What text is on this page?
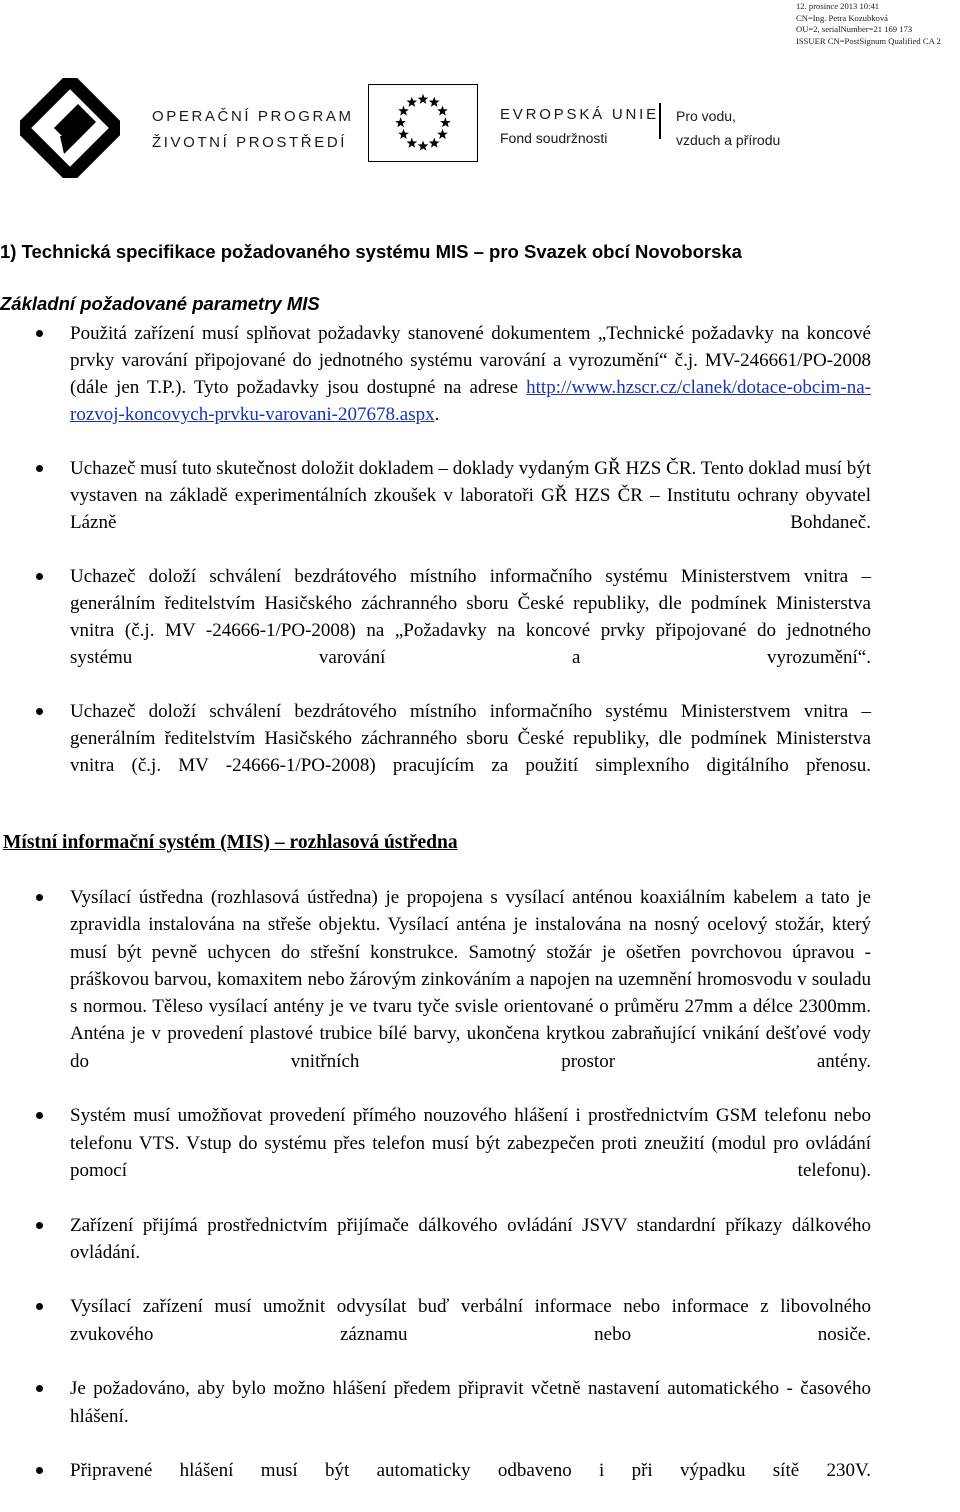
12. prosince 2013 10:41
CN=Ing. Petra Kozubková
OU=2, serialNumber=21 169 173
ISSUER CN=PostSignum Qualified CA 2
OPERAČNÍ PROGRAM
ŽIVOTNÍ PROSTŘEDÍ
EVROPSKÁ UNIE
Fond soudržnosti
Pro vodu,
vzduch a přírodu
1) Technická specifikace požadovaného systému MIS – pro Svazek obcí Novoborska
Základní požadované parametry MIS
Použitá zařízení musí splňovat požadavky stanovené dokumentem „Technické požadavky na koncové prvky varování připojované do jednotného systému varování a vyrozumění“ č.j. MV-246661/PO-2008 (dále jen T.P.). Tyto požadavky jsou dostupné na adrese http://www.hzscr.cz/clanek/dotace-obcim-na-rozvoj-koncovych-prvku-varovani-207678.aspx.
Uchazeč musí tuto skutečnost doložit dokladem – doklady vydaným GŘ HZS ČR. Tento doklad musí být vystaven na základě experimentálních zkoušek v laboratoři GŘ HZS ČR – Institutu ochrany obyvatel Lázně Bohdaneč.
Uchazeč doloží schválení bezdrátového místního informačního systému Ministerstvem vnitra – generálním ředitelstvím Hasičského záchranného sboru České republiky, dle podmínek Ministerstva vnitra (č.j. MV -24666-1/PO-2008) na „Požadavky na koncové prvky připojované do jednotného systému varování a vyrozumění“.
Uchazeč doloží schválení bezdrátového místního informačního systému Ministerstvem vnitra – generálním ředitelstvím Hasičského záchranného sboru České republiky, dle podmínek Ministerstva vnitra (č.j. MV -24666-1/PO-2008) pracujícím za použití simplexního digitálního přenosu.
Místní informační systém (MIS) – rozhlasová ústředna
Vysílací ústředna (rozhlasová ústředna) je propojena s vysílací anténou koaxiálním kabelem a tato je zpravidla instalována na střeše objektu. Vysílací anténa je instalována na nosný ocelový stožár, který musí být pevně uchycen do střešní konstrukce. Samotný stožár je ošetřen povrchovou úpravou - práškovou barvou, komaxitem nebo žárovým zinkováním a napojen na uzemnění hromosvodu v souladu s normou. Těleso vysílací antény je ve tvaru tyče svisle orientované o průměru 27mm a délce 2300mm. Anténa je v provedení plastové trubice bílé barvy, ukončena krytkou zabraňující vnikání dešťové vody do vnitřních prostor antény.
Systém musí umožňovat provedení přímého nouzového hlášení i prostřednictvím GSM telefonu nebo telefonu VTS. Vstup do systému přes telefon musí být zabezpečen proti zneužití (modul pro ovládání pomocí telefonu).
Zařízení přijímá prostřednictvím přijímače dálkového ovládání JSVV standardní příkazy dálkového ovládání.
Vysílací zařízení musí umožnit odvysílat buď verbální informace nebo informace z libovolného zvukového záznamu nebo nosiče.
Je požadováno, aby bylo možno hlášení předem připravit včetně nastavení automatického - časového hlášení.
Připravené hlášení musí být automaticky odbaveno i při výpadku sítě 230V.
